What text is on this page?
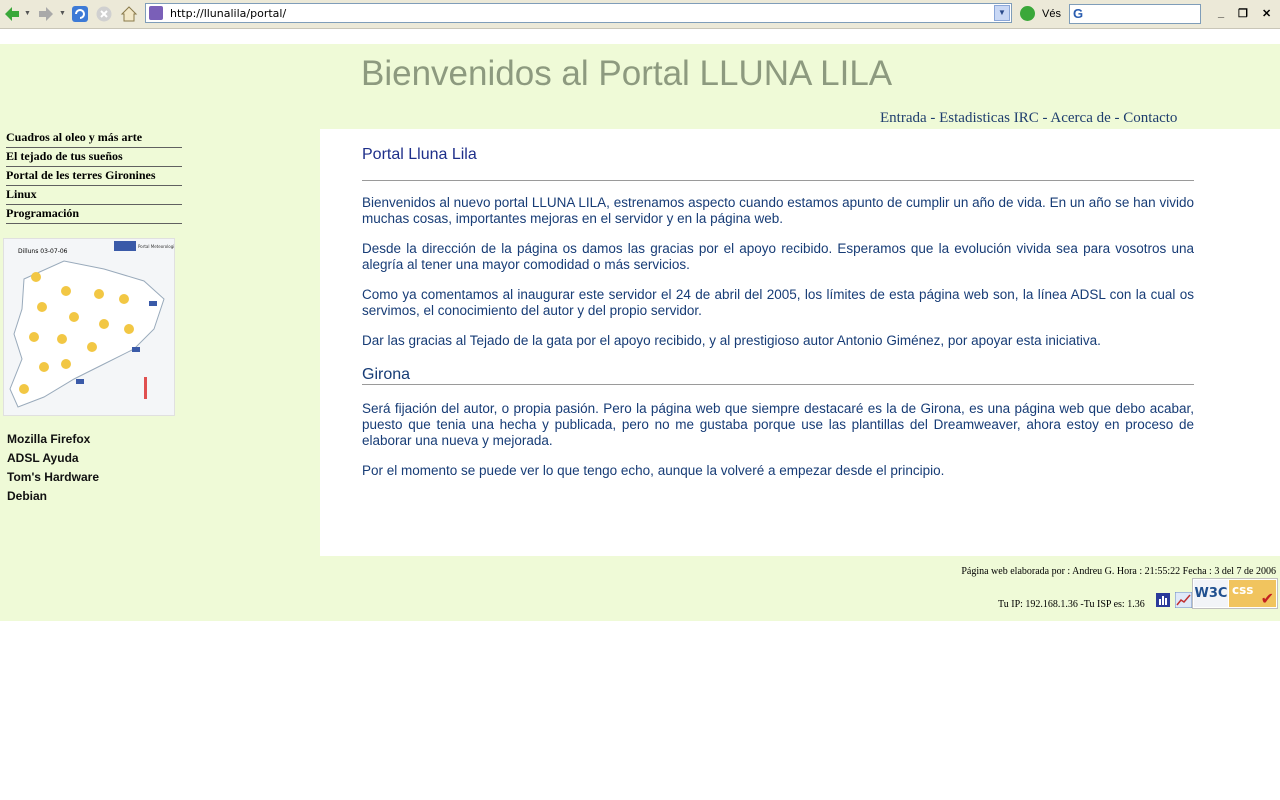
▼	▼	http://llunalila/portal/	▼	Vés G	_ ❐ ✕
Bienvenidos al Portal LLUNA LILA
Entrada - Estadisticas IRC - Acerca de - Contacto
Cuadros al oleo y más arte
El tejado de tus sueños
Portal de les terres Gironines
Linux
Programación
Dilluns 03-07-06
Portal Meteorologic
Mozilla Firefox
ADSL Ayuda
Tom's Hardware
Debian
Portal Lluna Lila

Bienvenidos al nuevo portal LLUNA LILA, estrenamos aspecto cuando estamos apunto de cumplir un año de vida. En un año se han vivido muchas cosas, importantes mejoras en el servidor y en la página web.

Desde la dirección de la página os damos las gracias por el apoyo recibido. Esperamos que la evolución vivida sea para vosotros una alegría al tener una mayor comodidad o más servicios.

Como ya comentamos al inaugurar este servidor el 24 de abril del 2005, los límites de esta página web son, la línea ADSL con la cual os servimos, el conocimiento del autor y del propio servidor.

Dar las gracias al Tejado de la gata por el apoyo recibido, y al prestigioso autor Antonio Giménez, por apoyar esta iniciativa.

Girona

Será fijación del autor, o propia pasión. Pero la página web que siempre destacaré es la de Girona, es una página web que debo acabar, puesto que tenia una hecha y publicada, pero no me gustaba porque use las plantillas del Dreamweaver, ahora estoy en proceso de elaborar una nueva y mejorada.

Por el momento se puede ver lo que tengo echo, aunque la volveré a empezar desde el principio.

Página web elaborada por : Andreu G. Hora : 21:55:22 Fecha : 3 del 7 de 2006
Tu IP: 192.168.1.36 -Tu ISP es: 1.36
W3C css ✔
